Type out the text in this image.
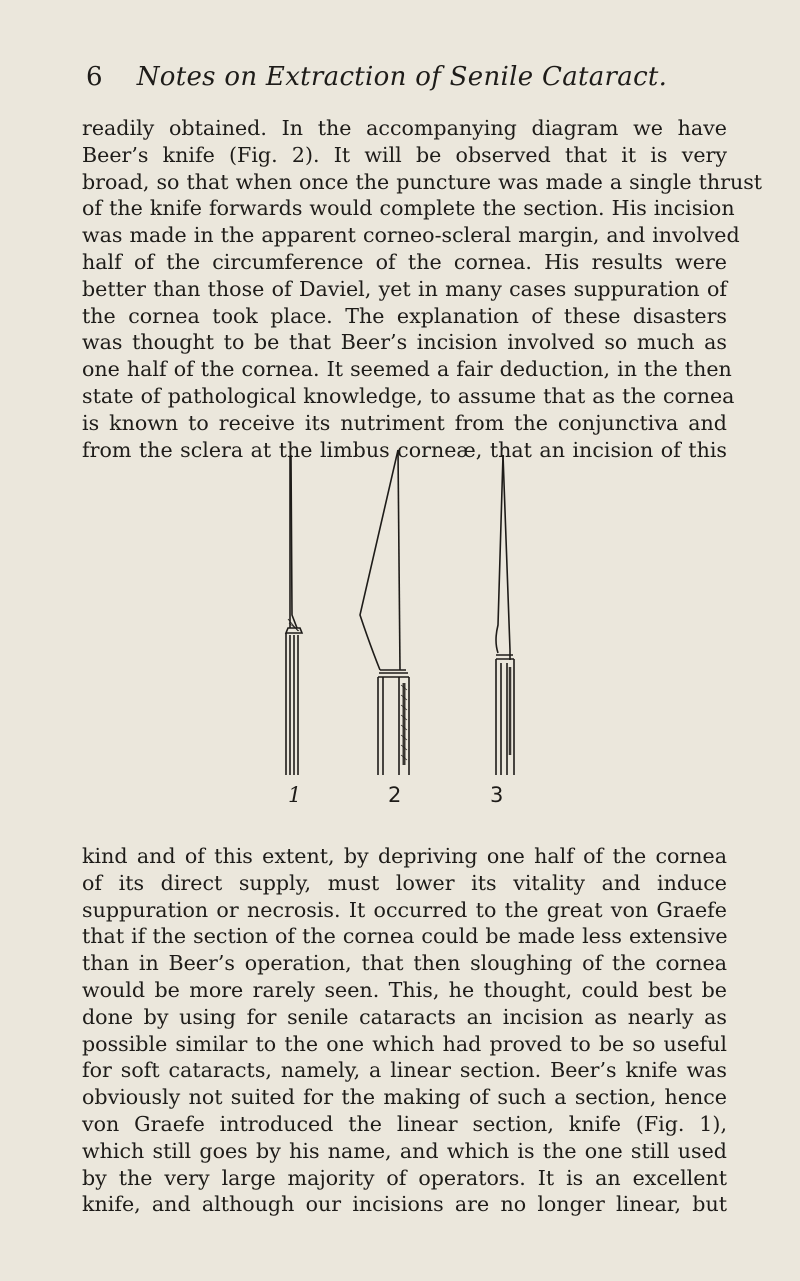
6	Notes on Extraction of Senile Cataract.
readily obtained. In the accompanying diagram we have
Beer’s knife (Fig. 2). It will be observed that it is very
broad, so that when once the puncture was made a single thrust
of the knife forwards would complete the section. His incision
was made in the apparent corneo-scleral margin, and involved
half of the circumference of the cornea. His results were
better than those of Daviel, yet in many cases suppuration of
the cornea took place. The explanation of these disasters
was thought to be that Beer’s incision involved so much as
one half of the cornea. It seemed a fair deduction, in the then
state of pathological knowledge, to assume that as the cornea
is known to receive its nutriment from the conjunctiva and
from the sclera at the limbus corneæ, that an incision of this
1	2	3
kind and of this extent, by depriving one half of the cornea
of its direct supply, must lower its vitality and induce
suppuration or necrosis. It occurred to the great von Graefe
that if the section of the cornea could be made less extensive
than in Beer’s operation, that then sloughing of the cornea
would be more rarely seen. This, he thought, could best be
done by using for senile cataracts an incision as nearly as
possible similar to the one which had proved to be so useful
for soft cataracts, namely, a linear section. Beer’s knife was
obviously not suited for the making of such a section, hence
von Graefe introduced the linear section, knife (Fig. 1),
which still goes by his name, and which is the one still used
by the very large majority of operators. It is an excellent
knife, and although our incisions are no longer linear, but
